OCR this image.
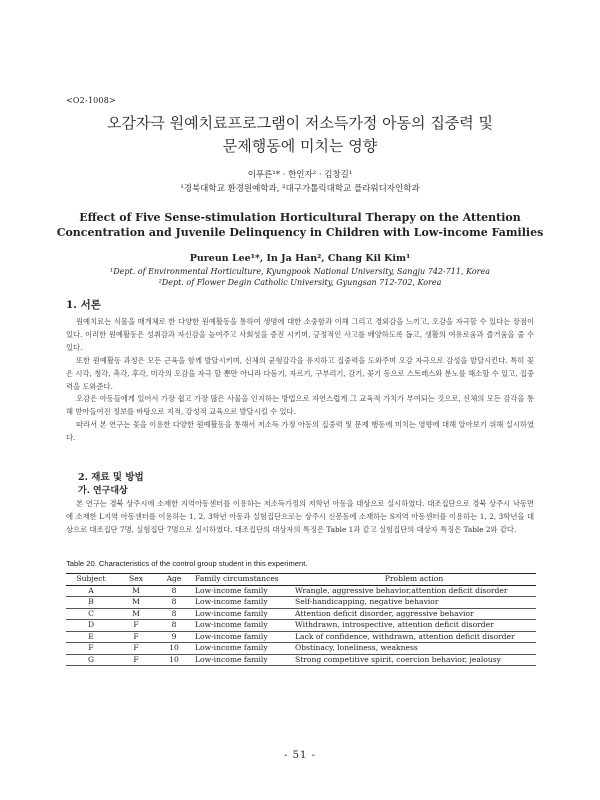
<O2-1008>
오감자극 원예치료프로그램이 저소득가정 아동의 집중력 및
문제행동에 미치는 영향
이푸른¹* · 한인자² · 김창길¹
¹경북대학교 환경원예학과, ²대구가톨릭대학교 플라워디자인학과
Effect of Five Sense-stimulation Horticultural Therapy on the Attention
Concentration and Juvenile Delinquency in Children with Low-income Families
Pureun Lee¹*, In Ja Han², Chang Kil Kim¹
¹Dept. of Environmental Horticulture, Kyungpook National University, Sangju 742-711, Korea
²Dept. of Flower Degin Catholic University, Gyungsan 712-702, Korea
1. 서론

원예치료는 식물을 매개체로 한 다양한 원예활동을 통하여 생명에 대한 소중함과 이해 그리고 경외감을 느끼고, 오감을 자극할 수 있다는 장점이 있다. 이러한 원예활동은 성취감과 자신감을 높여주고 사회성을 증진 시키며, 긍정적인 사고를 배양하도록 돕고, 생활의 여유로움과 즐거움을 줄 수 있다.

또한 원예활동 과정은 모든 근육을 함께 발달시키며, 신체의 균형감각을 유지하고 집중력을 도와주며 오감 자극으로 감성을 발달시킨다. 특히 꽃은 시각, 청각, 촉각, 후각, 미각의 오감을 자극 할 뿐만 아니라 다듬기, 자르기, 구부리기, 감기, 꽂기 등으로 스트레스와 분노를 해소할 수 있고, 집중력을 도와준다.

오감은 아동들에게 있어서 가장 쉽고 가장 많은 사물을 인지하는 방법으로 자연스럽게 그 교육적 가치가 부여되는 것으로, 신체의 모든 감각을 통해 받아들여진 정보를 바탕으로 지적, 감성적 교육으로 발달시킬 수 있다.

따라서 본 연구는 꽃을 이용한 다양한 원예활동을 통해서 저소득 가정 아동의 집중력 및 문제 행동에 미치는 영향에 대해 알아보기 위해 실시하였다.

2. 재료 및 방법
가. 연구대상

본 연구는 경북 상주시에 소재한 지역아동센터를 이용하는 저소득가정의 저학년 아동을 대상으로 실시하였다. 대조집단으로 경북 상주시 낙동면에 소재한 L지역 아동센터를 이용하는 1, 2, 3학년 아동과 실험집단으로는 상주시 신봉동에 소재하는 S지역 아동센터를 이용하는 1, 2, 3학년을 대상으로 대조집단 7명, 실험집단 7명으로 실시하였다. 대조집단의 대상자의 특징은 Table 1과 같고 실험집단의 대상자 특징은 Table 2와 같다.

Table 20. Characteristics of the control group student in this experiment.
Subject	Sex	Age	Family circumstances	Problem action
A	M	8	Low-income family	Wrangle, aggressive behavior,attention deficit disorder
B	M	8	Low-income family	Self-handicapping, negative behavior
C	M	8	Low-income family	Attention deficit disorder, aggressive behavior
D	F	8	Low-income family	Withdrawn, introspective, attention deficit disorder
E	F	9	Low-income family	Lack of confidence, withdrawn, attention deficit disorder
F	F	10	Low-income family	Obstinacy, loneliness, weakness
G	F	10	Low-income family	Strong competitive spirit, coercion behavior, jealousy
- 51 -
